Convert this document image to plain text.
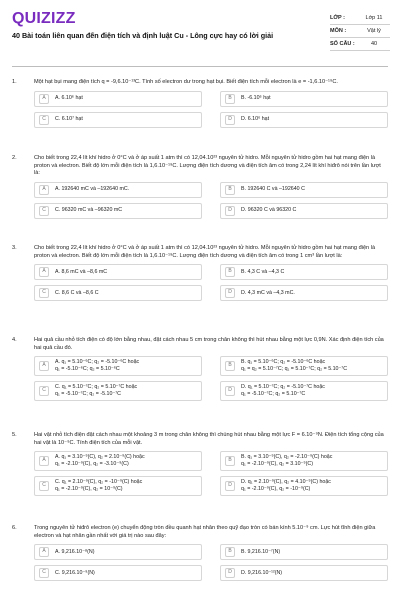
QUIZIZZ
40 Bài toán liên quan đến điện tích và định luật Cu - Lông cực hay có lời giải
LỚP :	Lớp 11
MÔN :	Vật lý
SỐ CÂU :	40
1.	Một hạt bụi mang điện tích q = -9,6.10⁻¹³C. Tính số electron dư trong hạt bụi. Biết điện tích mỗi electron là e = -1,6.10⁻¹⁹C.
A	A. 6.10⁶ hạt	B	B. -6.10⁶ hạt
C	C. 6.10⁷ hạt	D	D. 6.10⁶ hạt
2.	Cho biết trong 22,4 lít khí hidro ở 0°C và ở áp suất 1 atm thì có 12,04.10²³ nguyên tử hidro. Mỗi nguyên tử hidro gồm hai hạt mang điện là proton và electron. Biết độ lớn mỗi điện tích là 1,6.10⁻¹⁹C. Lượng điện tích dương và điện tích âm có trong 2,24 lít khí hiđrô nói trên lần lượt là:
A	A. 192640 mC và –192640 mC.	B	B. 192640 C và –192640 C
C	C. 96320 mC và –96320 mC	D	D. 96320 C và 96320 C
3.	Cho biết trong 22,4 lít khí hidro ở 0°C và ở áp suất 1 atm thì có 12,04.10²³ nguyên tử hidro. Mỗi nguyên tử hidro gồm hai hạt mang điện là proton và electron. Biết độ lớn mỗi điện tích là 1,6.10⁻¹⁹C. Lượng điện tích dương và điện tích âm có trong 1 cm³ lần lượt là:
A	A. 8,6 mC và –8,6 mC	B	B. 4,3 C và –4,3 C
C	C. 8,6 C và –8,6 C	D	D. 4,3 mC và –4,3 mC.
4.	Hai quả cầu nhỏ tích điện có độ lớn bằng nhau, đặt cách nhau 5 cm trong chân không thì hút nhau bằng một lực 0,9N. Xác định điện tích của hai quả cầu đó.
A
A. q₁ = 5.10⁻⁶C; q₂ = -5.10⁻⁶C hoặc
q₁ = -5.10⁻⁶C; q₂ = 5.10⁻⁶C
B
B. q₁ = 5.10⁻⁶C; q₂ = -5.10⁻⁶C hoặc
q₁ = q₂ = 5.10⁻⁷C; q₁ = 5.10⁻⁷C; q₂ = 5.10⁻⁷C
C
C. q₁ = 5.10⁻⁷C; q₂ = 5.10⁻⁷C hoặc
q₁ = -5.10⁻⁷C; q₂ = -5.10⁻⁷C
D
D. q₁ = 5.10⁻⁷C; q₂ = -5.10⁻⁷C hoặc
q₁ = -5.10⁻⁷C; q₂ = 5.10⁻⁷C
5.	Hai vật nhỏ tích điện đặt cách nhau một khoảng 3 m trong chân không thì chúng hút nhau bằng một lực F = 6.10⁻⁹N. Điện tích tổng cộng của hai vật là 10⁻⁹C. Tính điện tích của mỗi vật.
A
A. q₁ = 3.10⁻⁹(C), q₂ = 2.10⁻⁹(C) hoặc
q₁ = -2.10⁻⁹(C), q₂ = -3.10⁻⁹(C)
B
B. q₁ = 3.10⁻⁹(C), q₂ = -2.10⁻⁹(C) hoặc
q₁ = -2.10⁻⁹(C), q₂ = 3.10⁻⁹(C)
C
C. q₁ = 2.10⁻⁹(C), q₂ = -10⁻⁹(C) hoặc
q₁ = -2.10⁻⁹(C), q₂ = 10⁻⁹(C)
D
D. q₁ = 2.10⁻⁹(C), q₂ = 4.10⁻⁹(C) hoặc
q₁ = -2.10⁻⁹(C), q₂ = -10⁻⁹(C)
6.	Trong nguyên tử hiđrô electron (e) chuyển động tròn đều quanh hạt nhân theo quỹ đạo tròn có bán kính 5.10⁻⁹ cm. Lực hút tĩnh điện giữa electron và hạt nhân gần nhất với giá trị nào sau đây:
A	A. 9,216.10⁻⁸(N)	B	B. 9,216.10⁻⁷(N)
C	C. 9,216.10⁻⁹(N)	D	D. 9,216.10⁻¹²(N)
